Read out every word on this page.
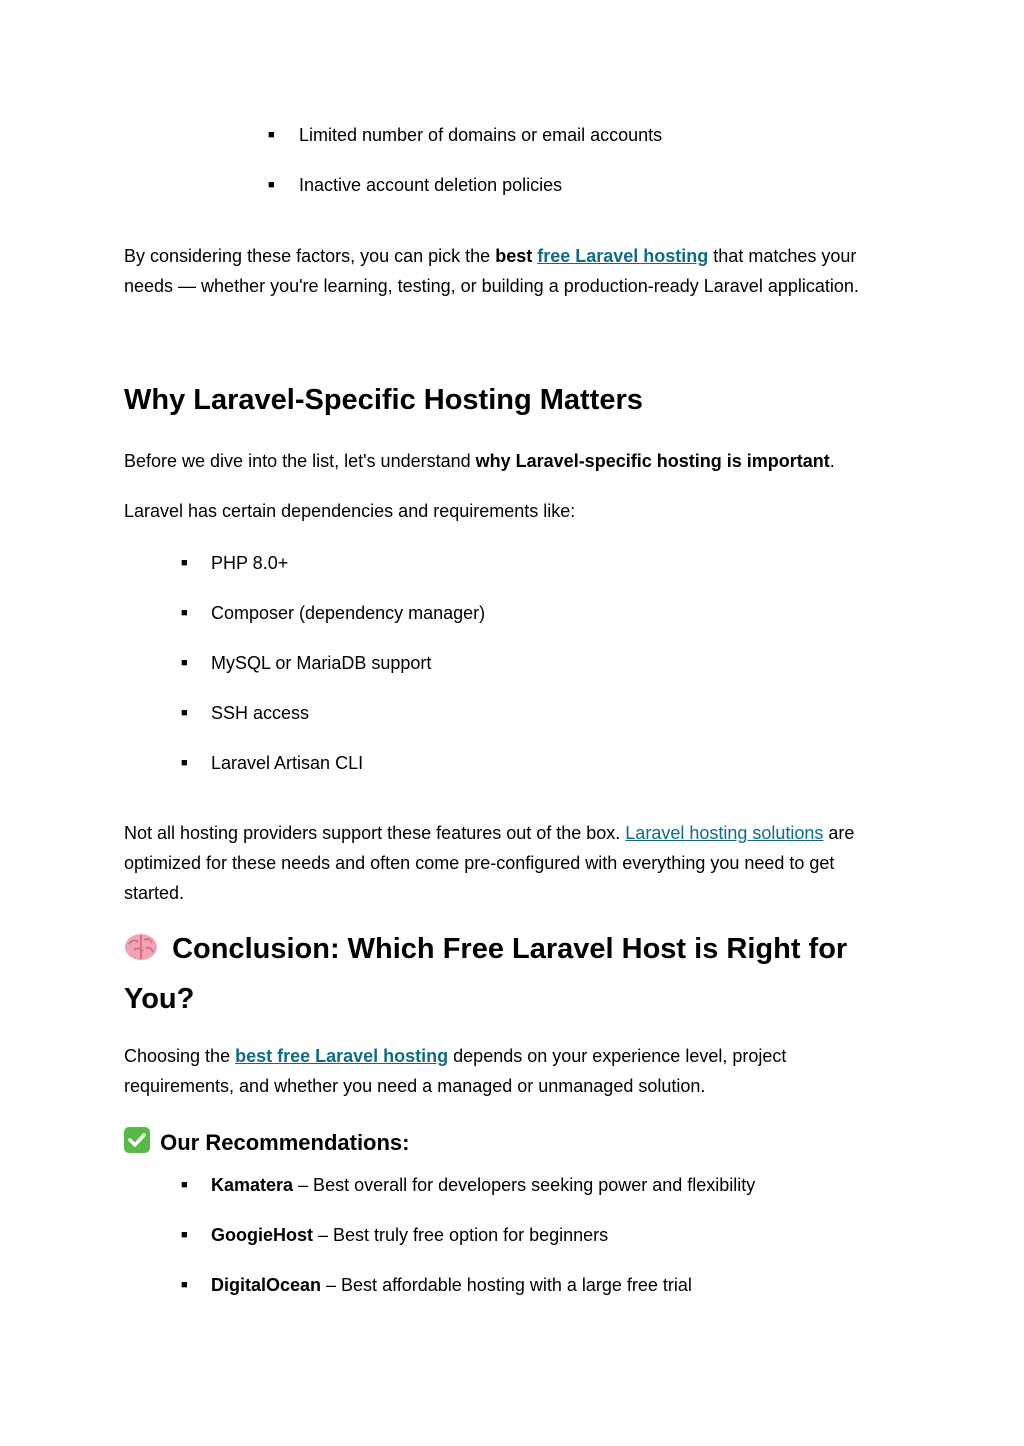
■ Limited number of domains or email accounts
■ Inactive account deletion policies
By considering these factors, you can pick the best free Laravel hosting that matches your
needs — whether you're learning, testing, or building a production-ready Laravel application.
Why Laravel-Specific Hosting Matters
Before we dive into the list, let's understand why Laravel-specific hosting is important.
Laravel has certain dependencies and requirements like:
■ PHP 8.0+
■ Composer (dependency manager)
■ MySQL or MariaDB support
■ SSH access
■ Laravel Artisan CLI
Not all hosting providers support these features out of the box. Laravel hosting solutions are
optimized for these needs and often come pre-configured with everything you need to get
started.
Conclusion: Which Free Laravel Host is Right for
You?
Choosing the best free Laravel hosting depends on your experience level, project
requirements, and whether you need a managed or unmanaged solution.
Our Recommendations:
■ Kamatera – Best overall for developers seeking power and flexibility
■ GoogieHost – Best truly free option for beginners
■ DigitalOcean – Best affordable hosting with a large free trial
